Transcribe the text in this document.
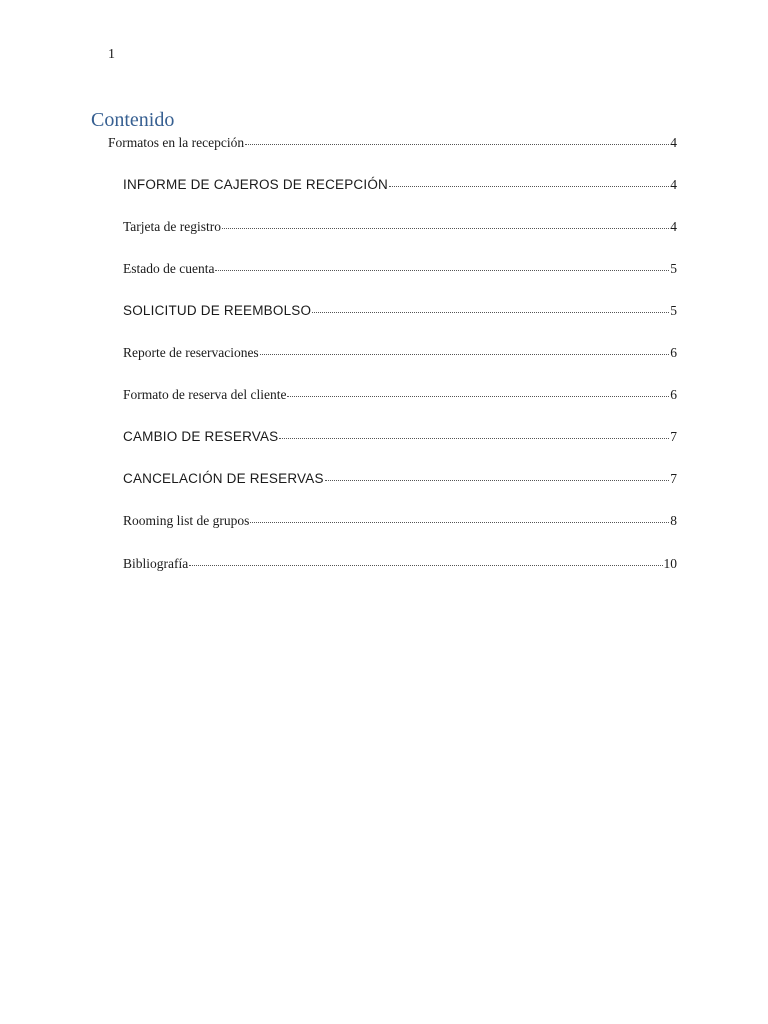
1
Contenido
Formatos en la recepción	4
INFORME DE CAJEROS DE RECEPCIÓN	4
Tarjeta de registro	4
Estado de cuenta	5
SOLICITUD DE REEMBOLSO	5
Reporte de reservaciones	6
Formato de reserva del cliente	6
CAMBIO DE RESERVAS	7
CANCELACIÓN DE RESERVAS	7
Rooming list de grupos	8
Bibliografía	10
